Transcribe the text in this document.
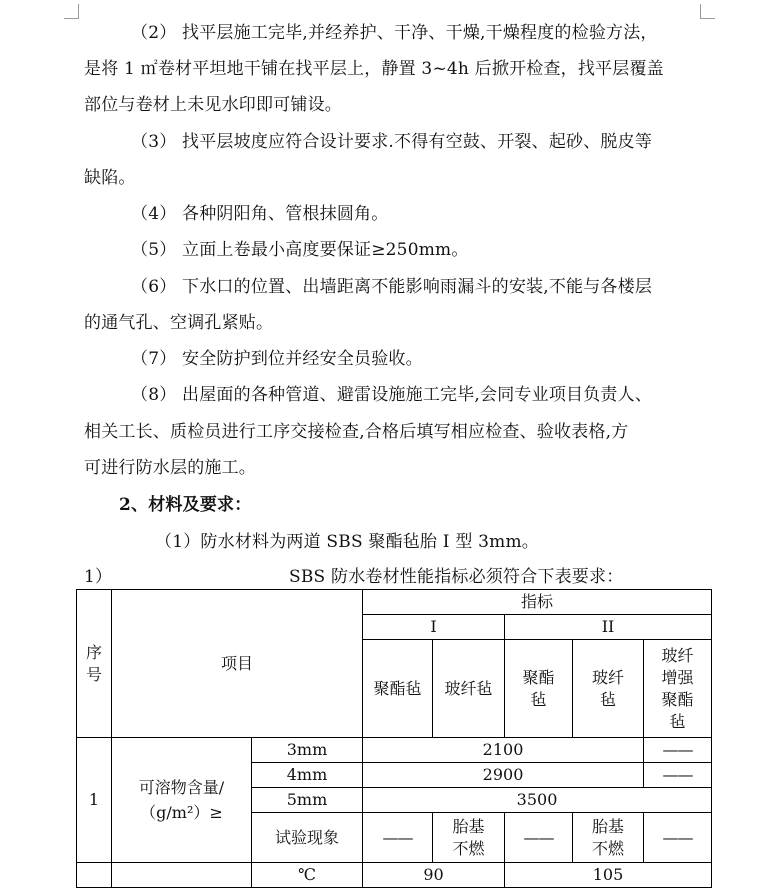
（2） 找平层施工完毕,并经养护、干净、干燥,干燥程度的检验方法，
是将 1 ㎡卷材平坦地干铺在找平层上，静置 3~4h 后掀开检查，找平层覆盖
部位与卷材上未见水印即可铺设。
（3） 找平层坡度应符合设计要求.不得有空鼓、开裂、起砂、脱皮等
缺陷。
（4） 各种阴阳角、管根抹圆角。
（5） 立面上卷最小高度要保证≥250mm。
（6） 下水口的位置、出墙距离不能影响雨漏斗的安装,不能与各楼层
的通气孔、空调孔紧贴。
（7） 安全防护到位并经安全员验收。
（8） 出屋面的各种管道、避雷设施施工完毕,会同专业项目负责人、
相关工长、质检员进行工序交接检查,合格后填写相应检查、验收表格,方
可进行防水层的施工。
2、材料及要求：
（1）防水材料为两道 SBS 聚酯毡胎 I 型 3mm。
1）	SBS 防水卷材性能指标必须符合下表要求：
序号	项目		指标				
			I		II		
			聚酯毡	玻纤毡	聚酯毡	玻纤毡	玻纤增强聚酯毡
1	可溶物含量/（g/m²）≥	3mm	2100				——
		4mm	2900				——
		5mm	3500				
		试验现象	——	胎基不燃	——	胎基不燃	——
		℃	90		105		
